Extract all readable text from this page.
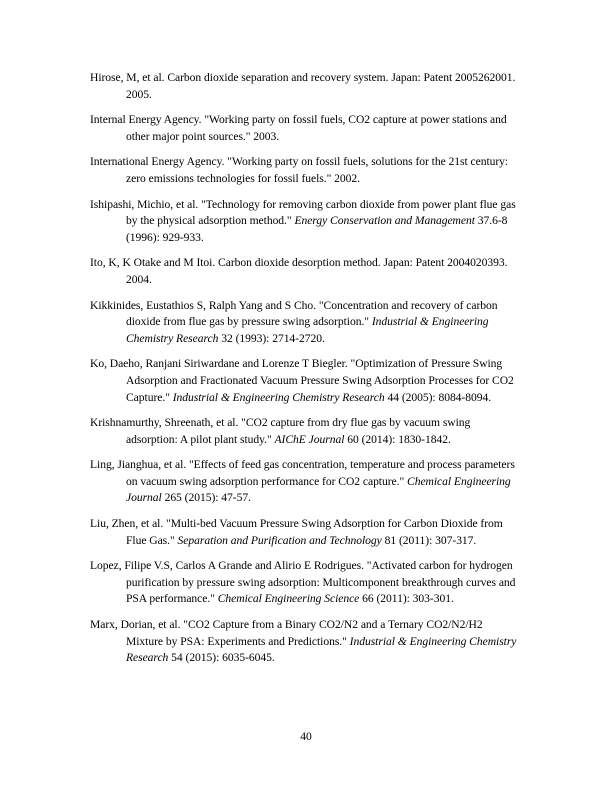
Hirose, M, et al. Carbon dioxide separation and recovery system. Japan: Patent 2005262001. 2005.

Internal Energy Agency. "Working party on fossil fuels, CO2 capture at power stations and other major point sources." 2003.

International Energy Agency. "Working party on fossil fuels, solutions for the 21st century: zero emissions technologies for fossil fuels." 2002.

Ishipashi, Michio, et al. "Technology for removing carbon dioxide from power plant flue gas by the physical adsorption method." Energy Conservation and Management 37.6-8 (1996): 929-933.

Ito, K, K Otake and M Itoi. Carbon dioxide desorption method. Japan: Patent 2004020393. 2004.

Kikkinides, Eustathios S, Ralph Yang and S Cho. "Concentration and recovery of carbon dioxide from flue gas by pressure swing adsorption." Industrial & Engineering Chemistry Research 32 (1993): 2714-2720.

Ko, Daeho, Ranjani Siriwardane and Lorenze T Biegler. "Optimization of Pressure Swing Adsorption and Fractionated Vacuum Pressure Swing Adsorption Processes for CO2 Capture." Industrial & Engineering Chemistry Research 44 (2005): 8084-8094.

Krishnamurthy, Shreenath, et al. "CO2 capture from dry flue gas by vacuum swing adsorption: A pilot plant study." AIChE Journal 60 (2014): 1830-1842.

Ling, Jianghua, et al. "Effects of feed gas concentration, temperature and process parameters on vacuum swing adsorption performance for CO2 capture." Chemical Engineering Journal 265 (2015): 47-57.

Liu, Zhen, et al. "Multi-bed Vacuum Pressure Swing Adsorption for Carbon Dioxide from Flue Gas." Separation and Purification and Technology 81 (2011): 307-317.

Lopez, Filipe V.S, Carlos A Grande and Alirio E Rodrigues. "Activated carbon for hydrogen purification by pressure swing adsorption: Multicomponent breakthrough curves and PSA performance." Chemical Engineering Science 66 (2011): 303-301.

Marx, Dorian, et al. "CO2 Capture from a Binary CO2/N2 and a Ternary CO2/N2/H2 Mixture by PSA: Experiments and Predictions." Industrial & Engineering Chemistry Research 54 (2015): 6035-6045.

40
